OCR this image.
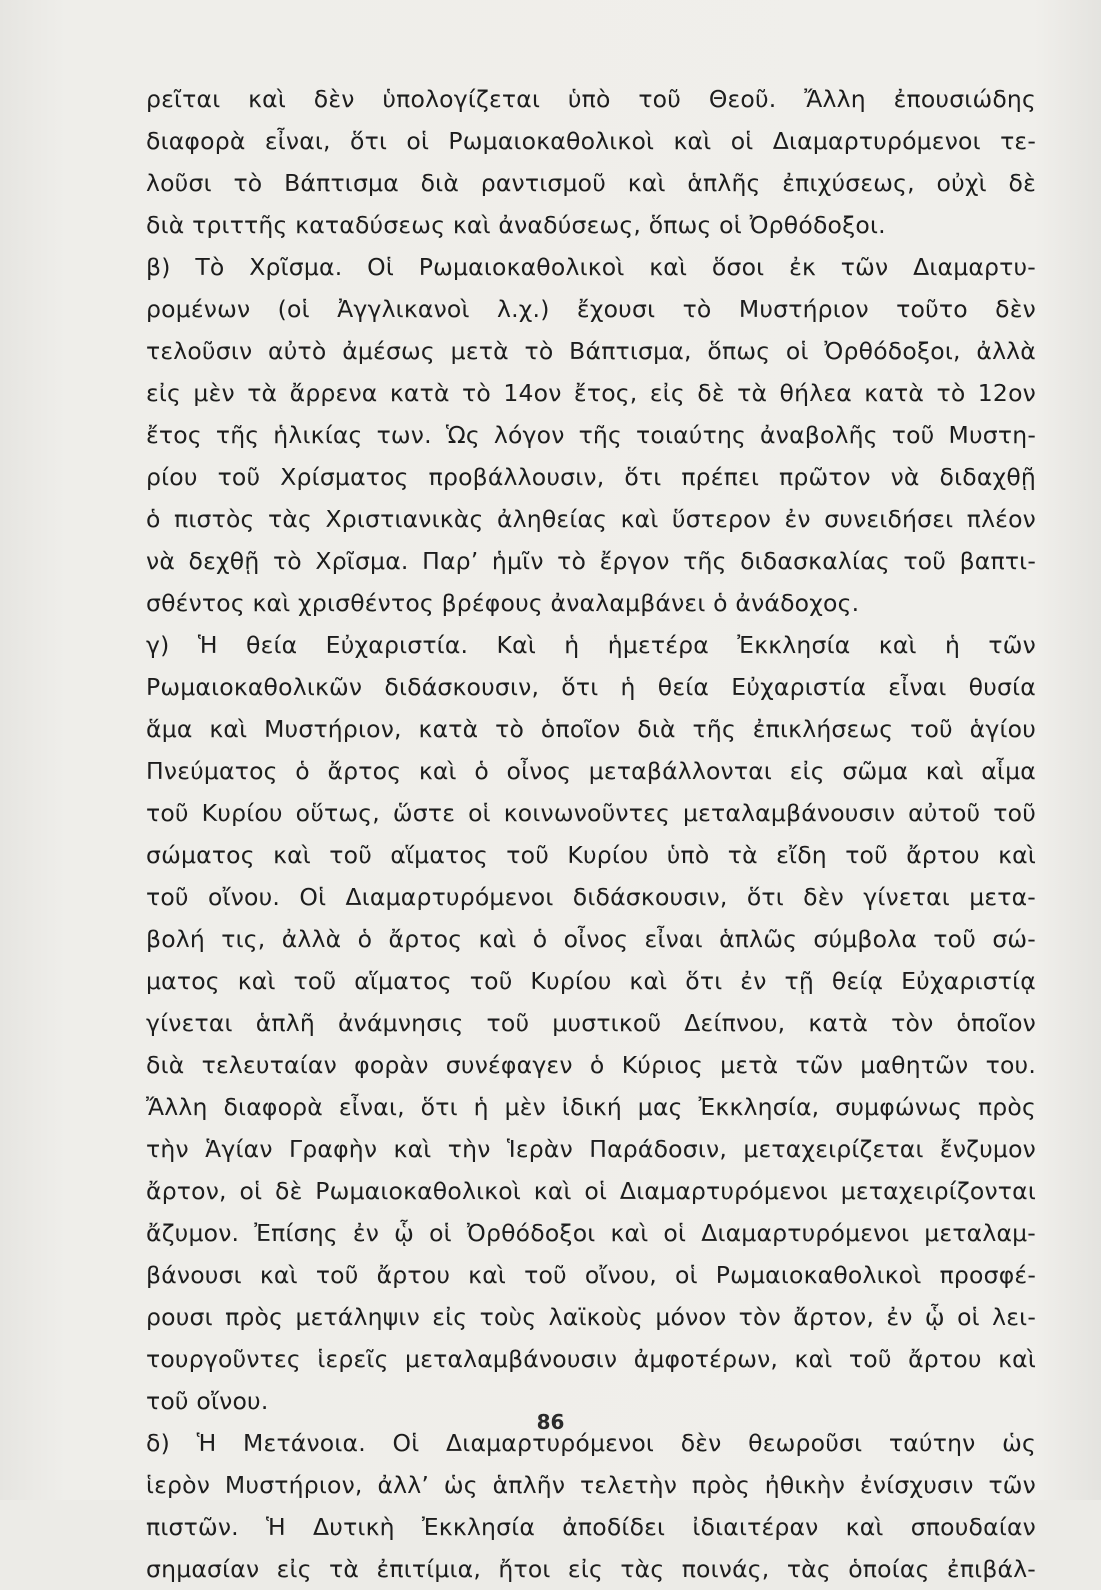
ρεῖται καὶ δὲν ὑπολογίζεται ὑπὸ τοῦ Θεοῦ. Ἄλλη ἐπουσιώδης
διαφορὰ εἶναι, ὅτι οἱ Ρωμαιοκαθολικοὶ καὶ οἱ Διαμαρτυρόμενοι τε-
λοῦσι τὸ Βάπτισμα διὰ ραντισμοῦ καὶ ἁπλῆς ἐπιχύσεως, οὐχὶ δὲ
διὰ τριττῆς καταδύσεως καὶ ἀναδύσεως, ὅπως οἱ Ὀρθόδοξοι.
β) Τὸ Χρῖσμα. Οἱ Ρωμαιοκαθολικοὶ καὶ ὅσοι ἐκ τῶν Διαμαρτυ-
ρομένων (οἱ Ἀγγλικανοὶ λ.χ.) ἔχουσι τὸ Μυστήριον τοῦτο δὲν
τελοῦσιν αὐτὸ ἀμέσως μετὰ τὸ Βάπτισμα, ὅπως οἱ Ὀρθόδοξοι, ἀλλὰ
εἰς μὲν τὰ ἄρρενα κατὰ τὸ 14ον ἔτος, εἰς δὲ τὰ θήλεα κατὰ τὸ 12ον
ἔτος τῆς ἡλικίας των. Ὡς λόγον τῆς τοιαύτης ἀναβολῆς τοῦ Μυστη-
ρίου τοῦ Χρίσματος προβάλλουσιν, ὅτι πρέπει πρῶτον νὰ διδαχθῇ
ὁ πιστὸς τὰς Χριστιανικὰς ἀληθείας καὶ ὕστερον ἐν συνειδήσει πλέον
νὰ δεχθῇ τὸ Χρῖσμα. Παρ’ ἡμῖν τὸ ἔργον τῆς διδασκαλίας τοῦ βαπτι-
σθέντος καὶ χρισθέντος βρέφους ἀναλαμβάνει ὁ ἀνάδοχος.
γ) Ἡ θεία Εὐχαριστία. Καὶ ἡ ἡμετέρα Ἐκκλησία καὶ ἡ τῶν
Ρωμαιοκαθολικῶν διδάσκουσιν, ὅτι ἡ θεία Εὐχαριστία εἶναι θυσία
ἅμα καὶ Μυστήριον, κατὰ τὸ ὁποῖον διὰ τῆς ἐπικλήσεως τοῦ ἁγίου
Πνεύματος ὁ ἄρτος καὶ ὁ οἶνος μεταβάλλονται εἰς σῶμα καὶ αἷμα
τοῦ Κυρίου οὕτως, ὥστε οἱ κοινωνοῦντες μεταλαμβάνουσιν αὐτοῦ τοῦ
σώματος καὶ τοῦ αἵματος τοῦ Κυρίου ὑπὸ τὰ εἴδη τοῦ ἄρτου καὶ
τοῦ οἴνου. Οἱ Διαμαρτυρόμενοι διδάσκουσιν, ὅτι δὲν γίνεται μετα-
βολή τις, ἀλλὰ ὁ ἄρτος καὶ ὁ οἶνος εἶναι ἁπλῶς σύμβολα τοῦ σώ-
ματος καὶ τοῦ αἵματος τοῦ Κυρίου καὶ ὅτι ἐν τῇ θείᾳ Εὐχαριστίᾳ
γίνεται ἁπλῆ ἀνάμνησις τοῦ μυστικοῦ Δείπνου, κατὰ τὸν ὁποῖον
διὰ τελευταίαν φορὰν συνέφαγεν ὁ Κύριος μετὰ τῶν μαθητῶν του.
Ἄλλη διαφορὰ εἶναι, ὅτι ἡ μὲν ἰδική μας Ἐκκλησία, συμφώνως πρὸς
τὴν Ἁγίαν Γραφὴν καὶ τὴν Ἱερὰν Παράδοσιν, μεταχειρίζεται ἔνζυμον
ἄρτον, οἱ δὲ Ρωμαιοκαθολικοὶ καὶ οἱ Διαμαρτυρόμενοι μεταχειρίζονται
ἄζυμον. Ἐπίσης ἐν ᾧ οἱ Ὀρθόδοξοι καὶ οἱ Διαμαρτυρόμενοι μεταλαμ-
βάνουσι καὶ τοῦ ἄρτου καὶ τοῦ οἴνου, οἱ Ρωμαιοκαθολικοὶ προσφέ-
ρουσι πρὸς μετάληψιν εἰς τοὺς λαϊκοὺς μόνον τὸν ἄρτον, ἐν ᾧ οἱ λει-
τουργοῦντες ἱερεῖς μεταλαμβάνουσιν ἀμφοτέρων, καὶ τοῦ ἄρτου καὶ
τοῦ οἴνου.
δ) Ἡ Μετάνοια. Οἱ Διαμαρτυρόμενοι δὲν θεωροῦσι ταύτην ὡς
ἱερὸν Μυστήριον, ἀλλ’ ὡς ἁπλῆν τελετὴν πρὸς ἠθικὴν ἐνίσχυσιν τῶν
πιστῶν. Ἡ Δυτικὴ Ἐκκλησία ἀποδίδει ἰδιαιτέραν καὶ σπουδαίαν
σημασίαν εἰς τὰ ἐπιτίμια, ἤτοι εἰς τὰς ποινάς, τὰς ὁποίας ἐπιβάλ-
86
